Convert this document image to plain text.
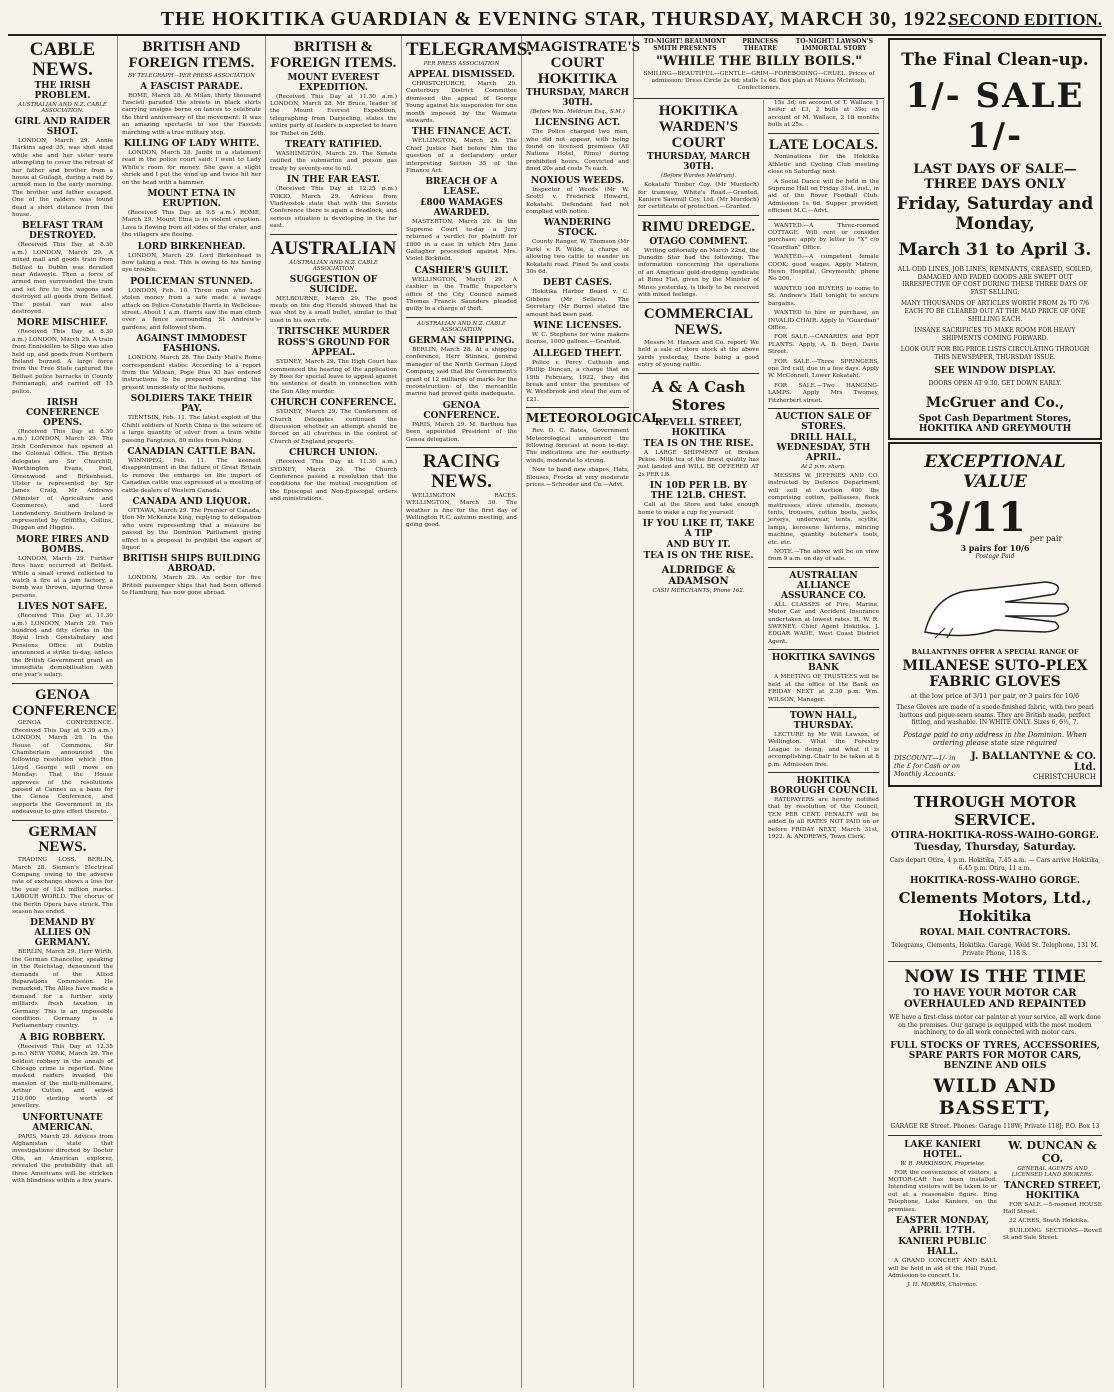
THE HOKITIKA GUARDIAN & EVENING STAR, THURSDAY, MARCH 30, 1922.
SECOND EDITION.
CABLE NEWS.
THE IRISH PROBLEM.
AUSTRALIAN AND N.Z. CABLE ASSOCIATION.
GIRL AND RAIDER SHOT.

LONDON, March 29. Annie Harkins aged 35, was shot dead while she and her sister were attempting to cover the retreat of her father and brother from a house at Guilagh, during a raid by armed men in the early morning. The brother and father escaped. One of the raiders was found dead a short distance from the house.

BELFAST TRAM DESTROYED.

(Received This Day at 8.30 a.m.) LONDON, March 29. A mixed mail and goods train from Belfast to Dublin was derailed near Adavoyle. Then a force of armed men surrounded the train and set fire to the wagons and destroyed all goods from Belfast. The postal van was also destroyed.

MORE MISCHIEF.

(Received This Day at 8.30 a.m.) LONDON, March 29. A train from Enniskillen to Sligo was also held up, and goods from Northern Ireland burned. A large force from the Free State captured the Belfast police barracks in County Fermanagh, and carried off 15 police.

IRISH CONFERENCE OPENS.

(Received This Day at 8.30 a.m.) LONDON, March 29. The Irish Conference has opened at the Colonial Office. The British delegates are Sir Churchill, Worthington Evans, Peel, Greenwood and Birkenhead. Ulster is represented by Sir James Craig, Mr Andrews (Minister of Agriculture and Commerce), and Lord Londonderry. Southern Ireland is represented by Griffiths, Collins, Duggan and Higgins.

MORE FIRES AND BOMBS.

LONDON, March 29. Further fires have occurred at Belfast. While a small crowd collected to watch a fire at a jam factory, a bomb was thrown, injuring three persons.

LIVES NOT SAFE.

(Received This Day at 11.30 a.m.) LONDON, March 29. Two hundred and fifty clerks in the Royal Irish Constabulary and Pensions Office at Dublin announced a strike to-day, unless the British Government grant an immediate demobilisation with one year's salary.

GENOA CONFERENCE

GENOA CONFERENCE. (Received This Day at 9.30 a.m.) LONDON, March 29. In the House of Commons, Sir Chamberlain announced the following resolution which Hon Lloyd George will move on Monday: That the House approves of the resolutions passed at Cannes as a basis for the Genoa Conference, and supports the Government in its endeavour to give effect thereto.

GERMAN NEWS.

TRADING LOSS. BERLIN, March 28. Siemen's Electrical Company, owing to the adverse rate of exchange shows a loss for the year of 134 million marks. LABOUR WORLD. The chorus of the Berlin Opera have struck. The season has ended.

DEMAND BY ALLIES ON GERMANY.

BERLIN, March 29. Herr Wirth, the German Chancellor, speaking in the Reichstag, denounced the demands of the Allied Reparations Commission. He remarked: The Allies have made a demand for a further sixty milliards fresh taxation in Germany. This is an impossible condition. Germany is a Parliamentary country.

A BIG ROBBERY.

(Received This Day at 12.35 p.m.) NEW YORK, March 29. The boldest robbery in the annals of Chicago crime is reported. Nine masked raiders invaded the mansion of the multi-millionaire, Arthur Cutten, and seized 210,000 sterling worth of jewellery.

UNFORTUNATE AMERICAN.

PARIS, March 29. Advices from Afghanistan state that investigations directed by Doctor Otis, an American explorer, revealed the probability that all three Americans will be stricken with blindness within a few years.

BRITISH AND FOREIGN ITEMS.
BY TELEGRAPH—PER PRESS ASSOCIATION
A FASCIST PARADE.

ROME, March 28. At Milan, thirty thousand Fascisti paraded the streets in black shirts carrying ensigns borne on lances to celebrate the third anniversary of the movement. It was an amazing spectacle to see the Fascisti marching with a true military step.

KILLING OF LADY WHITE.

LONDON, March 28. Jambi in a statement read in the police court said: I went to Lady White's room for money. She gave a slight shriek and I put the wind up and twice hit her on the head with a hammer.

MOUNT ETNA IN ERUPTION.

(Received This Day at 9.5 a.m.) ROME, March 29. Mount Etna is in violent eruption. Lava is flowing from all sides of the crater, and the villagers are fleeing.

LORD BIRKENHEAD.

LONDON, March 29. Lord Birkenhead is now taking a rest. This is owing to his having eye trouble.

POLICEMAN STUNNED.

LONDON, Feb. 10. Three men who had stolen money from a safe made a savage attack on Police-Constable Harris in Wellclose-street. About 1 a.m. Harris saw the man climb over a fence surrounding St Andrew's-gardens, and followed them.

AGAINST IMMODEST FASHIONS.

LONDON, March 28. The Daily Mail's Rome correspondent states: According to a report from the Vatican, Pope Pius XI has ordered instructions to be prepared regarding the present immodesty of the fashions.

SOLDIERS TAKE THEIR PAY.

TIENTSIN, Feb. 11. The latest exploit of the Chihli soldiers of North China is the seizure of a large quantity of silver from a train while passing Fangtzien, 80 miles from Peking.

CANADIAN CATTLE BAN.

WINNIPEG, Feb. 11. The keenest disappointment in the failure of Great Britain to remove the embargo on the import of Canadian cattle was expressed at a meeting of cattle dealers of Western Canada.

CANADA AND LIQUOR.

OTTAWA, March 29. The Premier of Canada, Hon Mr McKenzie King, replying to delegation who were representing that a measure be passed by the Dominion Parliament giving effect to a proposal to prohibit the export of liquor.

BRITISH SHIPS BUILDING ABROAD.

LONDON, March 29. An order for five British passenger ships that had been offered to Hamburg, has now gone abroad.

BRITISH & FOREIGN ITEMS.
MOUNT EVEREST EXPEDITION.

(Received This Day at 11.30 a.m.) LONDON, March 28. Mr Bruce, leader of the Mount Everest Expedition, telegraphing from Darjeeling, states the entire party of leaders is expected to leave for Thibet on 26th.

TREATY RATIFIED.

WASHINGTON, March 29. The Senate ratified the submarine and poison gas treaty by seventy-one to nil.

IN THE FAR EAST.

(Received This Day at 12.25 p.m.) TOKIO, March 29. Advices from Vladivostok state that with the Soviets Conference there is again a deadlock, and serious situation is developing in the far east.

AUSTRALIAN
AUSTRALIAN AND N.Z. CABLE ASSOCIATION
SUGGESTION OF SUICIDE.

MELBOURNE, March 29. The good meats on the dog Herald showed that he was shot by a small bullet, similar to that used in his own rifle.

TRITSCHKE MURDER
ROSS'S GROUND FOR APPEAL.

SYDNEY, March 29. The High Court has commenced the hearing of the application by Ross for special leave to appeal against his sentence of death in connection with the Gun Alley murder.

CHURCH CONFERENCE.

SYDNEY, March 29. The Conference of Church Delegates continued the discussion whether an attempt should be forced on all churches in the control of Church of England property.

CHURCH UNION.

(Received This Day at 11.30 a.m.) SYDNEY, March 29. The Church Conference passed a resolution that the conditions for the mutual recognition of the Episcopal and Non-Episcopal orders and ministrations.

TELEGRAMS.
PER PRESS ASSOCIATION
APPEAL DISMISSED.

CHRISTCHURCH, March 29. Canterbury District Committee dismissed the appeal of George Young against his suspension for one month imposed by the Waimate stewards.

THE FINANCE ACT.

WELLINGTON, March 29. The Chief Justice had before him the question of a declaratory order interpreting Section 35 of the Finance Act.

BREACH OF A LEASE.
£800 WAMAGES AWARDED.

MASTERTON, March 29. In the Supreme Court to-day a Jury returned a verdict for plaintiff for £800 in a case in which Mrs Jane Gallagher proceeded against Mrs. Violet Bickfield.

CASHIER'S GUILT.

WELLINGTON, March 29. A cashier in the Traffic Inspector's office of the City Council named Thomas Francis Saunders pleaded guilty to a charge of theft.

AUSTRALIAN AND N.Z. CABLE ASSOCIATION
GERMAN SHIPPING.

BERLIN, March 28. At a shipping conference, Herr Stinnes, general manager of the North German Lloyd Company, said that the Government's grant of 12 milliards of marks for the reconstruction of the mercantile marine had proved quite inadequate.

GENOA CONFERENCE.

PARIS, March 29. M. Barthou has been appointed President of the Genoa delegation.

RACING NEWS.

WELLINGTON RACES. WELLINGTON, March 30. The weather is fine for the first day of Wellington R.C. autumn meeting, and going good.

MAGISTRATE'S COURT HOKITIKA
THURSDAY, MARCH 30TH.
(Before Wm. Meldrum Esq., S.M.)
LICENSING ACT.

The Police charged two men, who did not appear, with being found on licensed premises (All Nations Hotel, Rimu) during prohibited hours. Convicted and fined 20s and costs 7s each.

NOXIOUS WEEDS.

Inspector of Weeds (Mr W. Scott) v. Frederick Howard, Kokatahi. Defendant had not complied with notice.

WANDERING STOCK.

County Ranger, W. Thomson (Mr Park) v. R. Wilde, a charge of allowing two cattle to wander on Kokatahi road. Fined 5s and costs 30s 6d.

DEBT CASES.

Hokitika Harbor Board v. C. Gibbons (Mr Sellers). The Secretary (Mr Burns) stated the amount had been paid.

WINE LICENSES.

W. C. Stephens for wine makers license, 1000 gallons.—Granted.

ALLEGED THEFT.

Police v. Percy Cuthush and Phillip Duncan, a charge that on 19th February, 1922, they did break and enter the premises of W. Westbrook and steal the sum of £21.

METEOROLOGICAL.

Rev. D. C. Bates, Government Meteorological announced the following forecast at noon to-day: The indications are for southerly winds, moderate to strong.

Now to hand new shapes, Hats, Blouses, Frocks at very moderate prices.—Schroder and Co.—Advt.

TO-NIGHT! BEAUMONT SMITH PRESENTS
PRINCESS THEATRE
TO-NIGHT! LAWSON'S IMMORTAL STORY
"WHILE THE BILLY BOILS."
SMILING—BEAUTIFUL—GENTLE—GRIM—FOREBODING—CRUEL. Prices of admission: Dress Circle 2s 6d; stalls 1s 6d. Box plan at Misses McIntosh, Confectioners.
HOKITIKA WARDEN'S COURT
THURSDAY, MARCH 30TH.
(Before Warden Meldrum).

Kokatahi Timber Coy. (Mr Murdoch) for tramway, White's Road.—Granted. Kaniere Sawmill Coy. Ltd. (Mr Murdoch) for certificate of protection.—Granted.

RIMU DREDGE.
OTAGO COMMENT.

Writing editorially on March 22nd, the Dunedin Star had the following: The information concerning the operations of an American gold-dredging syndicate at Rimu Flat, given by the Minister of Mines yesterday, is likely to be received with mixed feelings.

COMMERCIAL NEWS.

Messrs M. Hansen and Co. report: We held a sale of store stock at the above yards yesterday, there being a good entry of young cattle.

A & A Cash Stores
REVELL STREET, HOKITIKA
TEA IS ON THE RISE.

A LARGE SHIPMENT of Broken Pekoe. Milk tea of the finest quality has just landed and WILL BE OFFERED AT 2s PER LB.

IN 10D PER LB. BY THE 12LB. CHEST.

Call at the Store and take enough home to make a cup for yourself.

IF YOU LIKE IT, TAKE A TIP
AND BUY IT.
TEA IS ON THE RISE.
ALDRIDGE & ADAMSON
CASH MERCHANTS, Phone 162.

15s 3d; on account of T. Wallace 1 heifer at £3, 2 bulls at 39s; on account of M. Wallace, 2 18 months bulls at 25s.

LATE LOCALS.

Nominations for the Hokitika Athletic and Cycling Club meeting close on Saturday next.

A Social Dance will be held in the Supreme Hall on Friday 31st. inst., in aid of the Rover Football Club. Admission 1s 6d. Supper provided; efficient M.C.—Advt.

WANTED.—A Three-roomed COTTAGE. Will rent or consider purchase; apply by letter to "X" c/o "Guardian" Office.

WANTED.—A competent female COOK; good wages. Apply Matron, Hewn Hospital, Greymouth; phone No 200.

WANTED 100 BUYERS to come to St. Andrew's Hall tonight to secure bargains.

WANTED to hire or purchase, an INVALID CHAIR. Apply to "Guardian" Office.

FOR SALE.—CANARIES and POT PLANTS. Apply, A. B. Boyd, Davie Street.

FOR SALE.—Three SPRINGERS, one 3rd calf, due in a few days. Apply W. McConnell, Lower Kokatahi.

FOR SALE.—Two HANGING-LAMPS. Apply Mrs Twomey, Fitzherbert street.

AUCTION SALE OF STORES.
DRILL HALL, WEDNESDAY, 5TH APRIL.
At 2 p.m. sharp.

MESSRS W. JEFFRIES AND CO. instructed by Defence Department will sell at Auction 400 lbs comprising cotton, palliasses, flock mattresses, stove utensils, mosses, tents, trousers, cotton boots, jacks, jerseys, underwear, tents, scythe, lamps, kerosene lanterns, mincing machine, quantity butcher's tools, etc. etc.

NOTE.—The above will be on view from 9 a.m. on day of sale.

AUSTRALIAN ALLIANCE ASSURANCE CO.

ALL CLASSES of Fire, Marine, Motor Car and Accident Insurance undertaken at lowest rates. H. W. R. SWENEY, Chief Agent Hokitika. J. EDGAR WADE, West Coast District Agent.

HOKITIKA SAVINGS BANK

A MEETING OF TRUSTEES will be held at the office of the Bank on FRIDAY NEXT at 2.30 p.m. Wm. WILSON, Manager.

TOWN HALL, THURSDAY.

LECTURE by Mr Will Lawson, of Wellington. What the Forestry League is doing, and what it is accomplishing. Chair to be taken at 8 p.m. Admission free.

HOKITIKA BOROUGH COUNCIL

RATEPAYERS are hereby notified that by resolution of the Council, TEN PER CENT. PENALTY will be added to all RATES NOT PAID on or before FRIDAY NEXT, March 31st, 1922. A. ANDREWS, Town Clerk.

The Final Clean-up.
1/- SALE 1/-
LAST DAYS OF SALE—THREE DAYS ONLY
Friday, Saturday and Monday,
March 31 to April 3.
ALL ODD LINES, JOB LINES, REMNANTS, CREASED, SOILED, DAMAGED AND FADED GOODS ARE SWEPT OUT IRRESPECTIVE OF COST DURING THESE THREE DAYS OF FAST SELLING.
MANY THOUSANDS OF ARTICLES WORTH FROM 2s TO 7/6 EACH TO BE CLEARED OUT AT THE MAD PRICE OF ONE SHILLING EACH.
INSANE SACRIFICES TO MAKE ROOM FOR HEAVY SHIPMENTS COMING FORWARD.
LOOK OUT FOR BIG PRICE LISTS CIRCULATING THROUGH THIS NEWSPAPER, THURSDAY ISSUE.
SEE WINDOW DISPLAY.
DOORS OPEN AT 9.30. GET DOWN EARLY.
McGruer and Co.,
Spot Cash Department Stores,
HOKITIKA AND GREYMOUTH
EXCEPTIONAL VALUE
3/11 per pair
3 pairs for 10/6
Postage Paid
BALLANTYNES OFFER A SPECIAL RANGE OF
MILANESE SUTO-PLEX FABRIC GLOVES
at the low price of 3/11 per pair, or 3 pairs for 10/6
These Gloves are made of a suede-finished fabric, with two pearl buttons and pique-sewn seams. They are British made, perfect fitting, and washable. IN WHITE ONLY. Sizes 6, 6½, 7.
Postage paid to any address in the Dominion. When ordering please state size required
DISCOUNT—1/- in the £ for Cash or on Monthly Accounts.
J. BALLANTYNE & CO. Ltd.
CHRISTCHURCH
THROUGH MOTOR SERVICE.
OTIRA-HOKITIKA-ROSS-WAIHO-GORGE.
Tuesday, Thursday, Saturday.
Cars depart Otira, 4 p.m. Hokitika, 7.45 a.m. — Cars arrive Hokitika, 6.45 p.m. Otira, 11 a.m.
HOKITIKA-ROSS-WAIHO GORGE.
Clements Motors, Ltd., Hokitika
ROYAL MAIL CONTRACTORS.
Telegrams, Clements, Hokitika. Garage, Weld St. Telephone, 131 M. Private Phone, 118 S.
NOW IS THE TIME
TO HAVE YOUR MOTOR CAR OVERHAULED AND REPAINTED
WE have a first-class motor car painter at your service, all work done on the premises. Our garage is equipped with the most modern machinery, to do all work connected with motor cars.
FULL STOCKS OF TYRES, ACCESSORIES, SPARE PARTS FOR MOTOR CARS, BENZINE AND OILS
WILD AND BASSETT,
GARAGE RE Street. Phones: Garage 118W; Private 118J; P.O. Box 13
LAKE KANIERI HOTEL.
W. R. PARKINSON, Proprietor.

FOR the convenience of visitors, a MOTOR-CAR has been installed. Intending visitors will be taken to or out at a reasonable figure. Ring Telephone, Lake Kaniere, on the premises.

EASTER MONDAY, APRIL 17TH.
KANIERI PUBLIC HALL.

A GRAND CONCERT AND BALL will be held in aid of the Hall Fund. Admission to concert 1s.

J. H. MORRIS, Chairman.
W. DUNCAN & CO.
GENERAL AGENTS AND LICENSED LAND BROKERS.
TANCRED STREET, HOKITIKA

FOR SALE.—5-roomed HOUSE Hall Street.

32 ACRES, South Hokitika.

BUILDING SECTIONS—Revell St and Sale Street.
